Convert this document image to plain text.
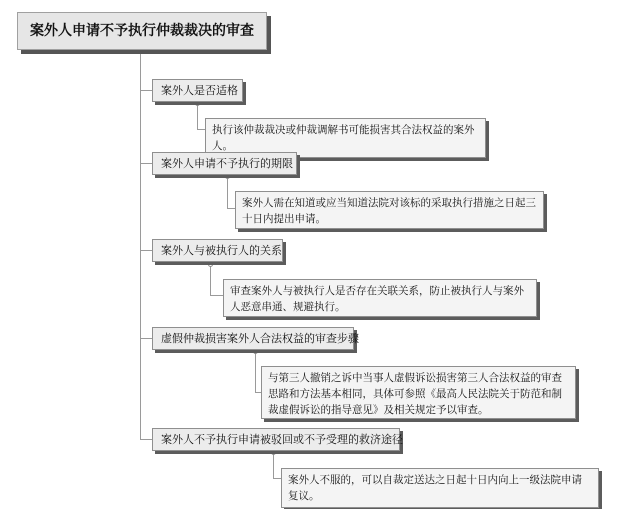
案外人申请不予执行仲裁裁决的审查
案外人是否适格
执行该仲裁裁决或仲裁调解书可能损害其合法权益的案外人。
案外人申请不予执行的期限
案外人需在知道或应当知道法院对该标的采取执行措施之日起三十日内提出申请。
案外人与被执行人的关系
审查案外人与被执行人是否存在关联关系，防止被执行人与案外人恶意串通、规避执行。
虚假仲裁损害案外人合法权益的审查步骤
与第三人撤销之诉中当事人虚假诉讼损害第三人合法权益的审查思路和方法基本相同，具体可参照《最高人民法院关于防范和制裁虚假诉讼的指导意见》及相关规定予以审查。
案外人不予执行申请被驳回或不予受理的救济途径
案外人不服的，可以自裁定送达之日起十日内向上一级法院申请复议。
